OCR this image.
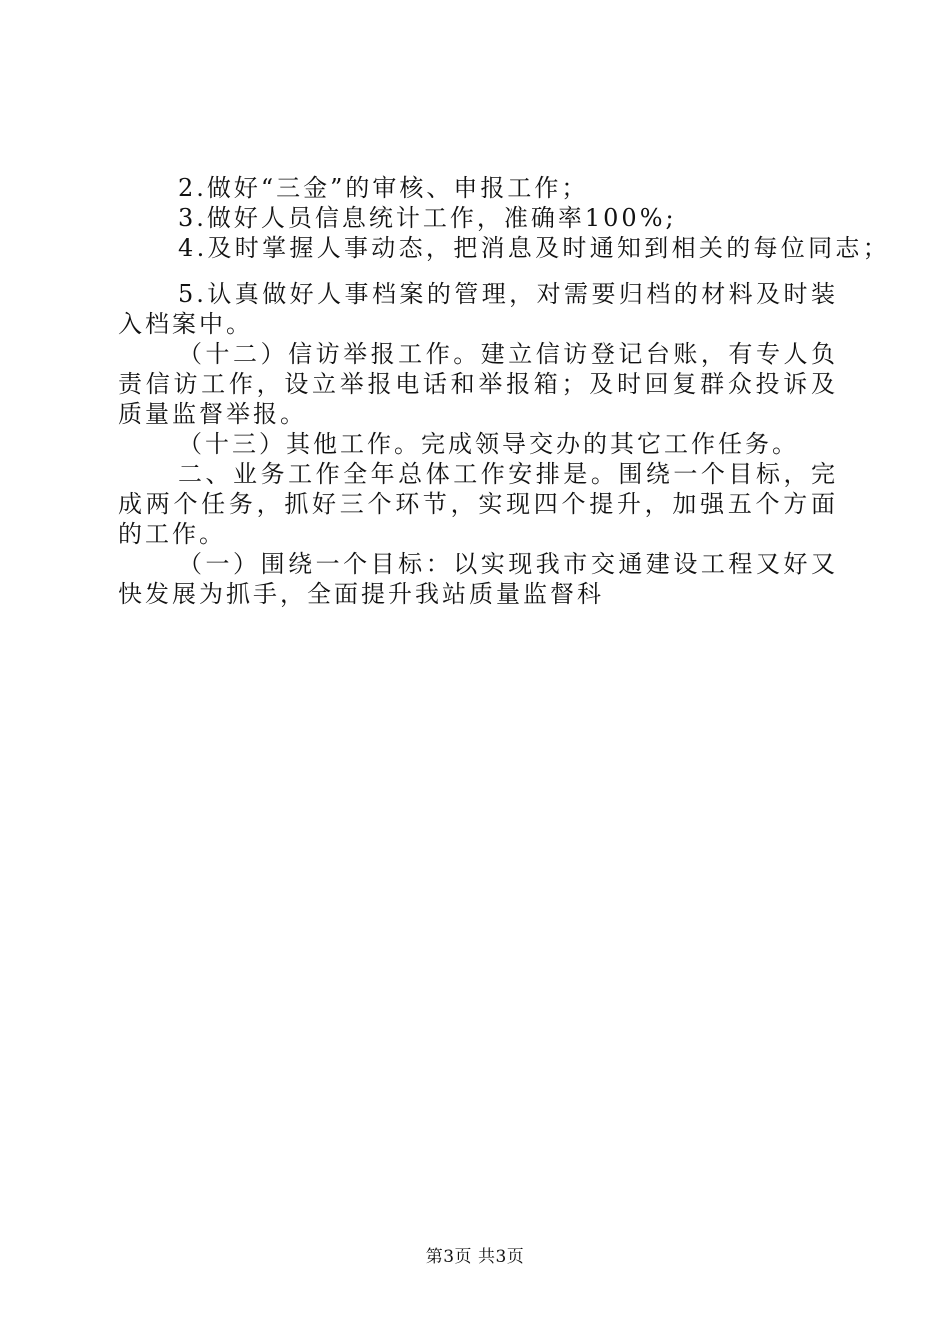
2.做好“三金”的审核、申报工作；

3.做好人员信息统计工作，准确率100%;

4.及时掌握人事动态，把消息及时通知到相关的每位同志；

5.认真做好人事档案的管理，对需要归档的材料及时装入档案中。

（十二）信访举报工作。建立信访登记台账，有专人负责信访工作，设立举报电话和举报箱；及时回复群众投诉及质量监督举报。

（十三）其他工作。完成领导交办的其它工作任务。

二、业务工作全年总体工作安排是。围绕一个目标，完成两个任务，抓好三个环节，实现四个提升，加强五个方面的工作。

（一）围绕一个目标：以实现我市交通建设工程又好又快发展为抓手，全面提升我站质量监督科

第3页 共3页
